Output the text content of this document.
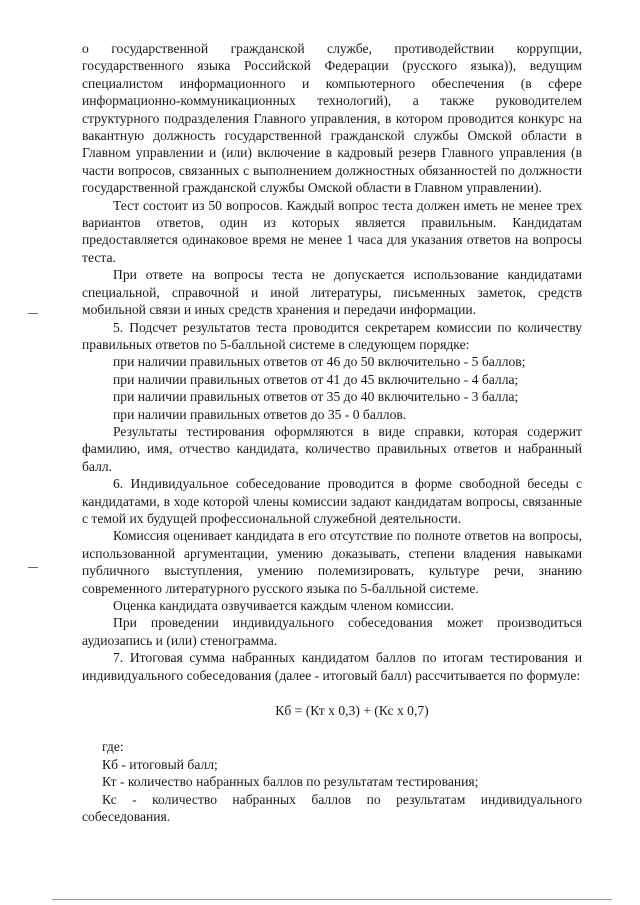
о государственной гражданской службе, противодействии коррупции, государственного языка Российской Федерации (русского языка)), ведущим специалистом информационного и компьютерного обеспечения (в сфере информационно-коммуникационных технологий), а также руководителем структурного подразделения Главного управления, в котором проводится конкурс на вакантную должность государственной гражданской службы Омской области в Главном управлении и (или) включение в кадровый резерв Главного управления (в части вопросов, связанных с выполнением должностных обязанностей по должности государственной гражданской службы Омской области в Главном управлении).

Тест состоит из 50 вопросов. Каждый вопрос теста должен иметь не менее трех вариантов ответов, один из которых является правильным. Кандидатам предоставляется одинаковое время не менее 1 часа для указания ответов на вопросы теста.

При ответе на вопросы теста не допускается использование кандидатами специальной, справочной и иной литературы, письменных заметок, средств мобильной связи и иных средств хранения и передачи информации.

5. Подсчет результатов теста проводится секретарем комиссии по количеству правильных ответов по 5-балльной системе в следующем порядке:

при наличии правильных ответов от 46 до 50 включительно - 5 баллов;

при наличии правильных ответов от 41 до 45 включительно - 4 балла;

при наличии правильных ответов от 35 до 40 включительно - 3 балла;

при наличии правильных ответов до 35 - 0 баллов.

Результаты тестирования оформляются в виде справки, которая содержит фамилию, имя, отчество кандидата, количество правильных ответов и набранный балл.

6. Индивидуальное собеседование проводится в форме свободной беседы с кандидатами, в ходе которой члены комиссии задают кандидатам вопросы, связанные с темой их будущей профессиональной служебной деятельности.

Комиссия оценивает кандидата в его отсутствие по полноте ответов на вопросы, использованной аргументации, умению доказывать, степени владения навыками публичного выступления, умению полемизировать, культуре речи, знанию современного литературного русского языка по 5-балльной системе.

Оценка кандидата озвучивается каждым членом комиссии.

При проведении индивидуального собеседования может производиться аудиозапись и (или) стенограмма.

7. Итоговая сумма набранных кандидатом баллов по итогам тестирования и индивидуального собеседования (далее - итоговый балл) рассчитывается по формуле:

Кб = (Кт x 0,3) + (Кс x 0,7)

где:

Кб - итоговый балл;

Кт - количество набранных баллов по результатам тестирования;

Кс - количество набранных баллов по результатам индивидуального

собеседования.
